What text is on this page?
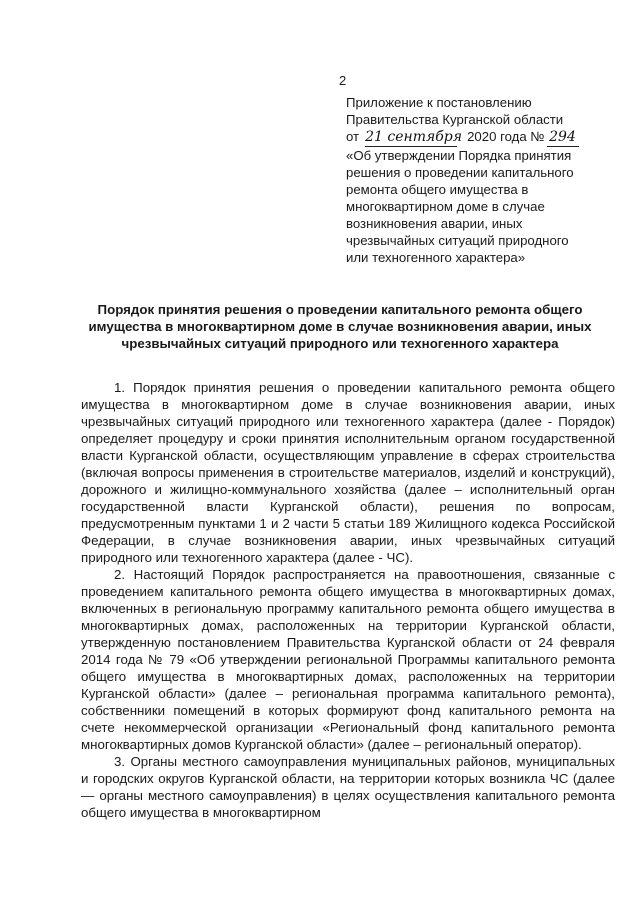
2
Приложение к постановлению
Правительства Курганской области
от 21 сентября 2020 года № 294
«Об утверждении Порядка принятия
решения о проведении капитального
ремонта общего имущества в
многоквартирном доме в случае
возникновения аварии, иных
чрезвычайных ситуаций природного
или техногенного характера»
Порядок принятия решения о проведении капитального ремонта общего
имущества в многоквартирном доме в случае возникновения аварии, иных
чрезвычайных ситуаций природного или техногенного характера

1. Порядок принятия решения о проведении капитального ремонта общего имущества в многоквартирном доме в случае возникновения аварии, иных чрезвычайных ситуаций природного или техногенного характера (далее - Порядок) определяет процедуру и сроки принятия исполнительным органом государственной власти Курганской области, осуществляющим управление в сферах строительства (включая вопросы применения в строительстве материалов, изделий и конструкций), дорожного и жилищно-коммунального хозяйства (далее – исполнительный орган государственной власти Курганской области), решения по вопросам, предусмотренным пунктами 1 и 2 части 5 статьи 189 Жилищного кодекса Российской Федерации, в случае возникновения аварии, иных чрезвычайных ситуаций природного или техногенного характера (далее - ЧС).

2. Настоящий Порядок распространяется на правоотношения, связанные с проведением капитального ремонта общего имущества в многоквартирных домах, включенных в региональную программу капитального ремонта общего имущества в многоквартирных домах, расположенных на территории Курганской области, утвержденную постановлением Правительства Курганской области от 24 февраля 2014 года № 79 «Об утверждении региональной Программы капитального ремонта общего имущества в многоквартирных домах, расположенных на территории Курганской области» (далее – региональная программа капитального ремонта), собственники помещений в которых формируют фонд капитального ремонта на счете некоммерческой организации «Региональный фонд капитального ремонта многоквартирных домов Курганской области» (далее – региональный оператор).

3. Органы местного самоуправления муниципальных районов, муниципальных и городских округов Курганской области, на территории которых возникла ЧС (далее — органы местного самоуправления) в целях осуществления капитального ремонта общего имущества в многоквартирном
